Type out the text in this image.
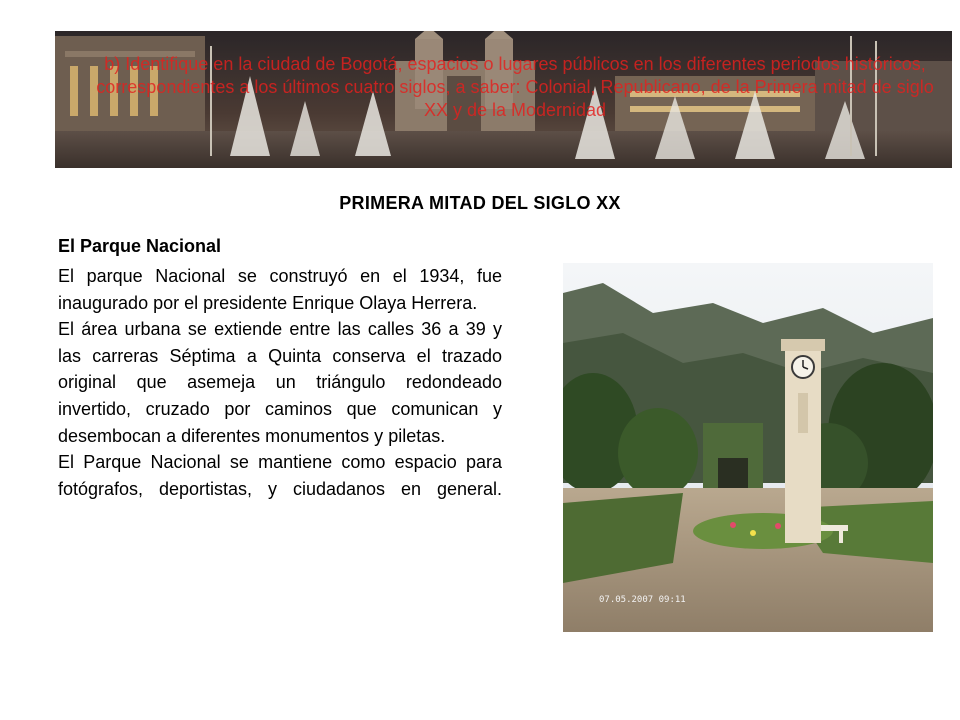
b) Identifique en la ciudad de Bogotá, espacios o lugares públicos en los diferentes periodos históricos, correspondientes a los últimos cuatro siglos, a saber: Colonial, Republicano, de la Primera mitad de siglo XX y de la Modernidad
PRIMERA MITAD DEL SIGLO XX
El Parque Nacional

El parque Nacional se construyó en el 1934, fue inaugurado por el presidente Enrique Olaya Herrera.

El área urbana se extiende entre las calles 36 a 39 y las carreras Séptima a Quinta conserva el trazado original que asemeja un triángulo redondeado invertido, cruzado por caminos que comunican y desembocan a diferentes monumentos y piletas.

El Parque Nacional se mantiene como espacio para fotógrafos, deportistas, y ciudadanos en general.

07.05.2007 09:11
